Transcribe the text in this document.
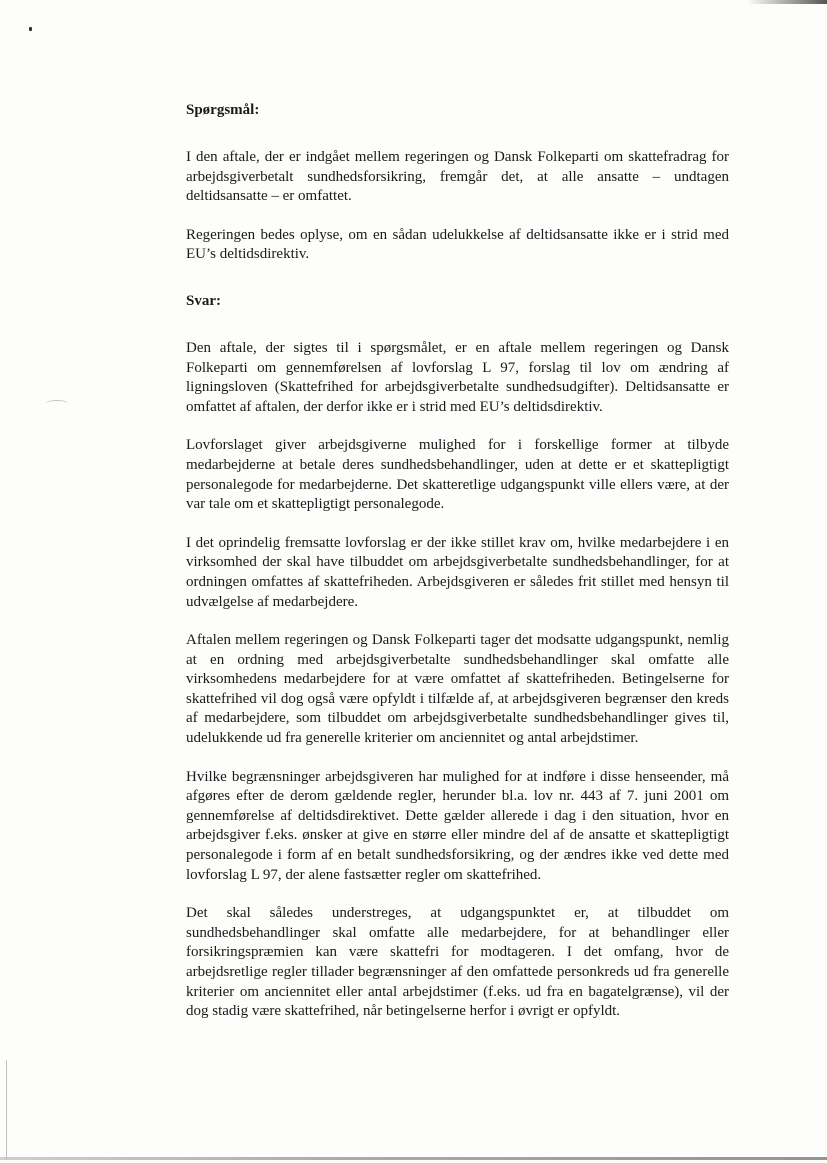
Spørgsmål:

I den aftale, der er indgået mellem regeringen og Dansk Folkeparti om skattefradrag for arbejdsgiverbetalt sundhedsforsikring, fremgår det, at alle ansatte – undtagen deltidsansatte – er omfattet.

Regeringen bedes oplyse, om en sådan udelukkelse af deltidsansatte ikke er i strid med EU’s deltidsdirektiv.

Svar:

Den aftale, der sigtes til i spørgsmålet, er en aftale mellem regeringen og Dansk Folkeparti om gennemførelsen af lovforslag L 97, forslag til lov om ændring af ligningsloven (Skattefrihed for arbejdsgiverbetalte sundhedsudgifter). Deltidsansatte er omfattet af aftalen, der derfor ikke er i strid med EU’s deltidsdirektiv.

Lovforslaget giver arbejdsgiverne mulighed for i forskellige former at tilbyde medarbejderne at betale deres sundhedsbehandlinger, uden at dette er et skattepligtigt personalegode for medarbejderne. Det skatteretlige udgangspunkt ville ellers være, at der var tale om et skattepligtigt personalegode.

I det oprindelig fremsatte lovforslag er der ikke stillet krav om, hvilke medarbejdere i en virksomhed der skal have tilbuddet om arbejdsgiverbetalte sundhedsbehandlinger, for at ordningen omfattes af skattefriheden. Arbejdsgiveren er således frit stillet med hensyn til udvælgelse af medarbejdere.

Aftalen mellem regeringen og Dansk Folkeparti tager det modsatte udgangspunkt, nemlig at en ordning med arbejdsgiverbetalte sundhedsbehandlinger skal omfatte alle virksomhedens medarbejdere for at være omfattet af skattefriheden. Betingelserne for skattefrihed vil dog også være opfyldt i tilfælde af, at arbejdsgiveren begrænser den kreds af medarbejdere, som tilbuddet om arbejdsgiverbetalte sundhedsbehandlinger gives til, udelukkende ud fra generelle kriterier om anciennitet og antal arbejdstimer.

Hvilke begrænsninger arbejdsgiveren har mulighed for at indføre i disse henseender, må afgøres efter de derom gældende regler, herunder bl.a. lov nr. 443 af 7. juni 2001 om gennemførelse af deltidsdirektivet. Dette gælder allerede i dag i den situation, hvor en arbejdsgiver f.eks. ønsker at give en større eller mindre del af de ansatte et skattepligtigt personalegode i form af en betalt sundhedsforsikring, og der ændres ikke ved dette med lovforslag L 97, der alene fastsætter regler om skattefrihed.

Det skal således understreges, at udgangspunktet er, at tilbuddet om sundhedsbehandlinger skal omfatte alle medarbejdere, for at behandlinger eller forsikringspræmien kan være skattefri for modtageren. I det omfang, hvor de arbejdsretlige regler tillader begrænsninger af den omfattede personkreds ud fra generelle kriterier om anciennitet eller antal arbejdstimer (f.eks. ud fra en bagatelgrænse), vil der dog stadig være skattefrihed, når betingelserne herfor i øvrigt er opfyldt.
